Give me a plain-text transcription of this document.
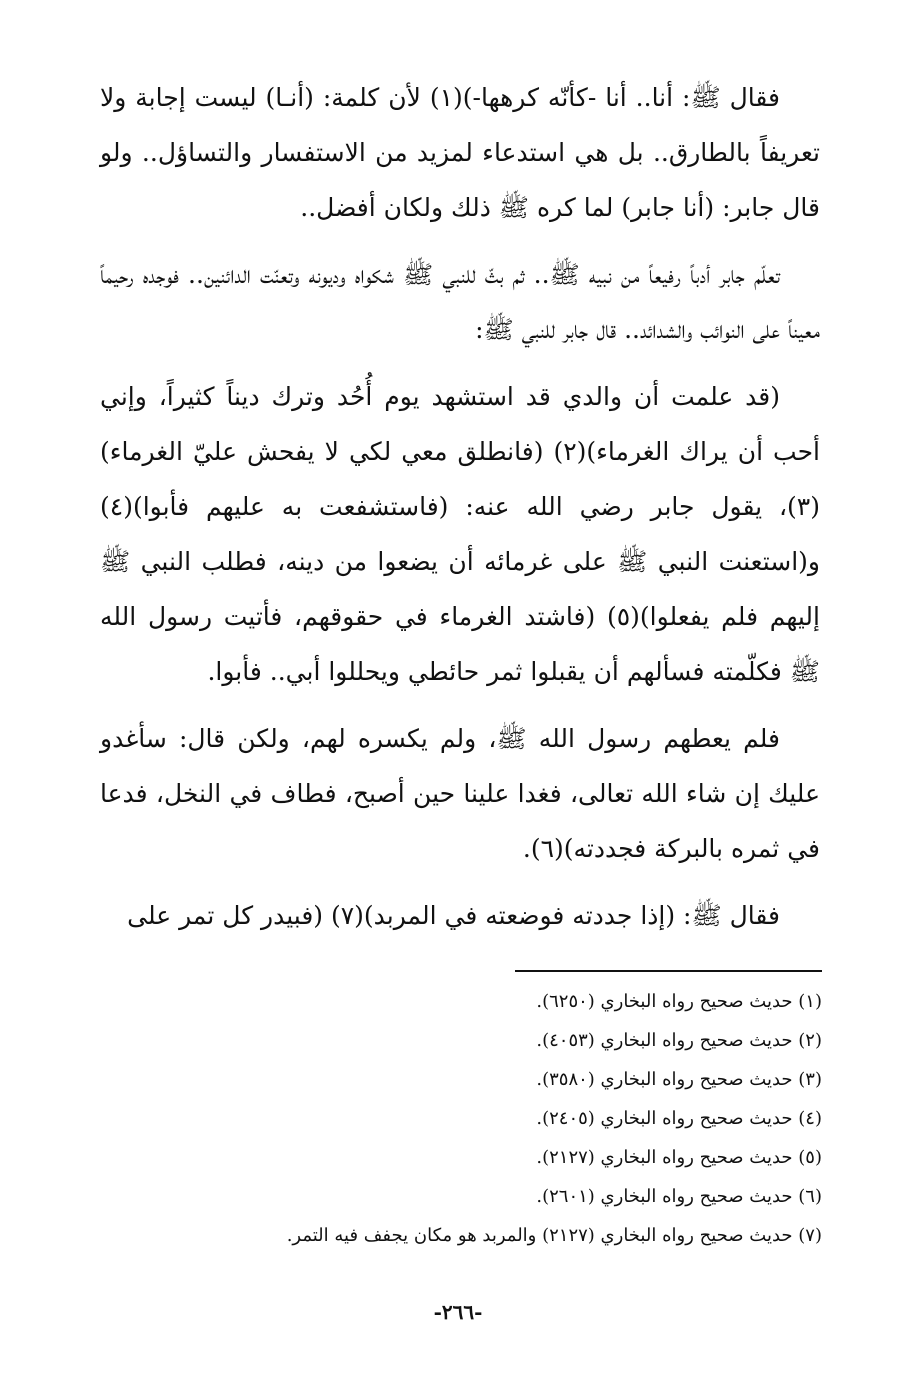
فقال ﷺ: أنا.. أنا -كأنّه كرهها-)(١) لأن كلمة: (أنـا) ليست إجابة ولا تعريفاً بالطارق.. بل هي استدعاء لمزيد من الاستفسار والتساؤل.. ولو قال جابر: (أنا جابر) لما كره ﷺ ذلك ولكان أفضل..

تعلّم جابر أدباً رفيعاً من نبيه ﷺ.. ثم بثّ للنبي ﷺ شكواه وديونه وتعنّت الدائنين.. فوجده رحيماً معيناً على النوائب والشدائد.. قال جابر للنبي ﷺ:

(قد علمت أن والدي قد استشهد يوم أُحُد وترك ديناً كثيراً، وإني أحب أن يراك الغرماء)(٢) (فانطلق معي لكي لا يفحش عليّ الغرماء)(٣)، يقول جابر رضي الله عنه: (فاستشفعت به عليهم فأبوا)(٤) و(استعنت النبي ﷺ على غرمائه أن يضعوا من دينه، فطلب النبي ﷺ إليهم فلم يفعلوا)(٥) (فاشتد الغرماء في حقوقهم، فأتيت رسول الله ﷺ فكلّمته فسألهم أن يقبلوا ثمر حائطي ويحللوا أبي.. فأبوا.

فلم يعطهم رسول الله ﷺ، ولم يكسره لهم، ولكن قال: سأغدو عليك إن شاء الله تعالى، فغدا علينا حين أصبح، فطاف في النخل، فدعا في ثمره بالبركة فجددته)(٦).

فقال ﷺ: (إذا جددته فوضعته في المربد)(٧) (فبيدر كل تمر على

(١) حديث صحيح رواه البخاري (٦٢٥٠).

(٢) حديث صحيح رواه البخاري (٤٠٥٣).

(٣) حديث صحيح رواه البخاري (٣٥٨٠).

(٤) حديث صحيح رواه البخاري (٢٤٠٥).

(٥) حديث صحيح رواه البخاري (٢١٢٧).

(٦) حديث صحيح رواه البخاري (٢٦٠١).

(٧) حديث صحيح رواه البخاري (٢١٢٧) والمربد هو مكان يجفف فيه التمر.

-٢٦٦-
